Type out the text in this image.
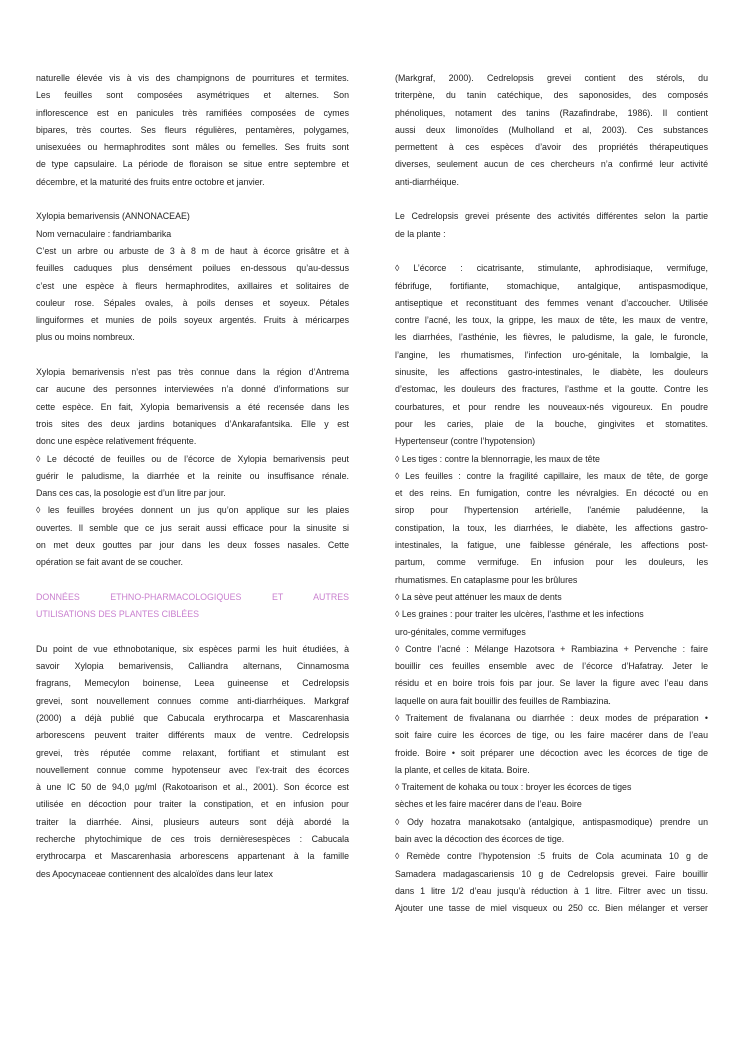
naturelle élevée vis à vis des champignons de pourritures et termites.

Les feuilles sont composées asymétriques et alternes. Son

inflorescence est en panicules très ramifiées composées de cymes

bipares, très courtes. Ses fleurs régulières, pentamères, polygames,

unisexuées ou hermaphrodites sont mâles ou femelles. Ses fruits sont

de type capsulaire. La période de floraison se situe entre septembre et

décembre, et la maturité des fruits entre octobre et janvier.

Xylopia bemarivensis (ANNONACEAE)

Nom vernaculaire : fandriambarika

C’est un arbre ou arbuste de 3 à 8 m de haut à écorce grisâtre et à

feuilles caduques plus densément poilues en-dessous qu’au-dessus

c’est une espèce à fleurs hermaphrodites, axillaires et solitaires de

couleur rose. Sépales ovales, à poils denses et soyeux. Pétales

linguiformes et munies de poils soyeux argentés. Fruits à méricarpes

plus ou moins nombreux.

Xylopia bemarivensis n’est pas très connue dans la région d’Antrema

car aucune des personnes interviewées n’a donné d’informations sur

cette espèce. En fait, Xylopia bemarivensis a été recensée dans les

trois sites des deux jardins botaniques d’Ankarafantsika. Elle y est

donc une espèce relativement fréquente.

◊ Le décocté de feuilles ou de l’écorce de Xylopia bemarivensis peut

guérir le paludisme, la diarrhée et la reinite ou insuffisance rénale.

Dans ces cas, la posologie est d’un litre par jour.

◊ les feuilles broyées donnent un jus qu’on applique sur les plaies

ouvertes. Il semble que ce jus serait aussi efficace pour la sinusite si

on met deux gouttes par jour dans les deux fosses nasales. Cette

opération se fait avant de se coucher.

DONNÉES ETHNO-PHARMACOLOGIQUES ET AUTRES

UTILISATIONS DES PLANTES CIBLÉES

Du point de vue ethnobotanique, six espèces parmi les huit étudiées, à

savoir Xylopia bemarivensis, Calliandra alternans, Cinnamosma

fragrans, Memecylon boinense, Leea guineense et Cedrelopsis

grevei, sont nouvellement connues comme anti-diarrhéiques. Markgraf

(2000) a déjà publié que Cabucala erythrocarpa et Mascarenhasia

arborescens peuvent traiter différents maux de ventre. Cedrelopsis

grevei, très réputée comme relaxant, fortifiant et stimulant est

nouvellement connue comme hypotenseur avec l’ex-trait des écorces

à une IC 50 de 94,0 µg/ml (Rakotoarison et al., 2001). Son écorce est

utilisée en décoction pour traiter la constipation, et en infusion pour

traiter la diarrhée. Ainsi, plusieurs auteurs sont déjà abordé la

recherche phytochimique de ces trois dernièresespèces : Cabucala

erythrocarpa et Mascarenhasia arborescens appartenant à la famille

des Apocynaceae contiennent des alcaloïdes dans leur latex

(Markgraf, 2000). Cedrelopsis grevei contient des stérols, du

triterpène, du tanin catéchique, des saponosides, des composés

phénoliques, notament des tanins (Razafindrabe, 1986). Il contient

aussi deux limonoïdes (Mulholland et al, 2003). Ces substances

permettent à ces espèces d’avoir des propriétés thérapeutiques

diverses, seulement aucun de ces chercheurs n’a confirmé leur activité

anti-diarrhéique.

Le Cedrelopsis grevei présente des activités différentes selon la partie

de la plante :

◊ L’écorce : cicatrisante, stimulante, aphrodisiaque, vermifuge,

fébrifuge, fortifiante, stomachique, antalgique, antispasmodique,

antiseptique et reconstituant des femmes venant d’accoucher. Utilisée

contre l’acné, les toux, la grippe, les maux de tête, les maux de ventre,

les diarrhées, l’asthénie, les fièvres, le paludisme, la gale, le furoncle,

l’angine, les rhumatismes, l’infection uro-génitale, la lombalgie, la

sinusite, les affections gastro-intestinales, le diabète, les douleurs

d’estomac, les douleurs des fractures, l’asthme et la goutte. Contre les

courbatures, et pour rendre les nouveaux-nés vigoureux. En poudre

pour les caries, plaie de la bouche, gingivites et stomatites.

Hypertenseur (contre l’hypotension)

◊ Les tiges : contre la blennorragie, les maux de tête

◊ Les feuilles : contre la fragilité capillaire, les maux de tête, de gorge

et des reins. En fumigation, contre les névralgies. En décocté ou en

sirop pour l'hypertension artérielle, l'anémie paludéenne, la

constipation, la toux, les diarrhées, le diabète, les affections gastro-

intestinales, la fatigue, une faiblesse générale, les affections post-

partum, comme vermifuge. En infusion pour les douleurs, les

rhumatismes. En cataplasme pour les brûlures

◊ La sève peut atténuer les maux de dents

◊ Les graines : pour traiter les ulcères, l’asthme et les infections

uro-génitales, comme vermifuges

◊ Contre l’acné : Mélange Hazotsora + Rambiazina + Pervenche : faire

bouillir ces feuilles ensemble avec de l’écorce d’Hafatray. Jeter le

résidu et en boire trois fois par jour. Se laver la figure avec l’eau dans

laquelle on aura fait bouillir des feuilles de Rambiazina.

◊ Traitement de fivalanana ou diarrhée : deux modes de préparation •

soit faire cuire les écorces de tige, ou les faire macérer dans de l’eau

froide. Boire • soit préparer une décoction avec les écorces de tige de

la plante, et celles de kitata. Boire.

◊ Traitement de kohaka ou toux : broyer les écorces de tiges

sèches et les faire macérer dans de l’eau. Boire

◊ Ody hozatra manakotsako (antalgique, antispasmodique) prendre un

bain avec la décoction des écorces de tige.

◊ Remède contre l’hypotension :5 fruits de Cola acuminata 10 g de

Samadera madagascariensis 10 g de Cedrelopsis grevei. Faire bouillir

dans 1 litre 1/2 d’eau jusqu’à réduction à 1 litre. Filtrer avec un tissu.

Ajouter une tasse de miel visqueux ou 250 cc. Bien mélanger et verser
